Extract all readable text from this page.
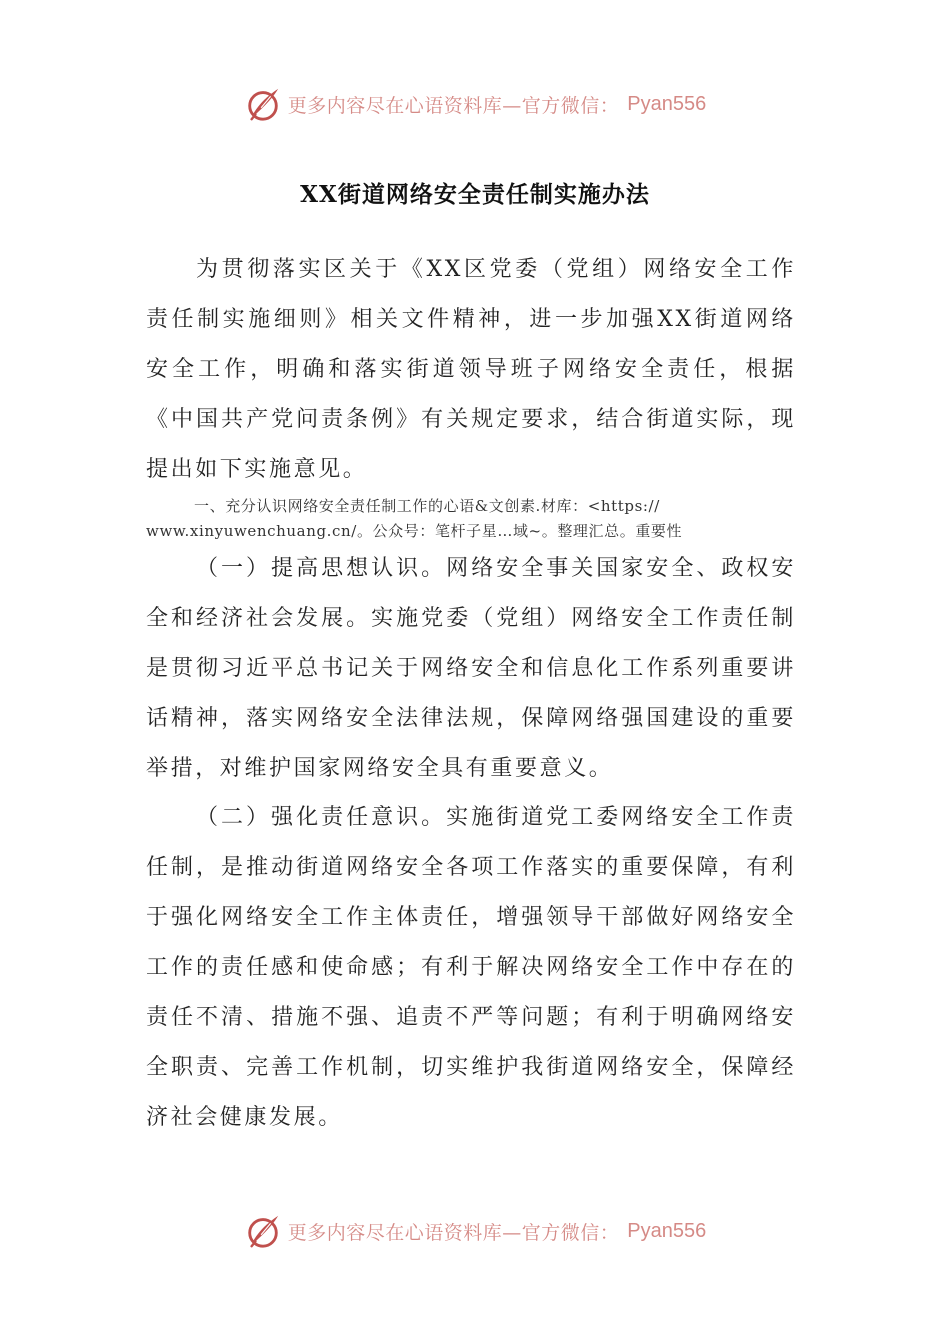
更多内容尽在心语资料库—官方微信： Pyan556
XX街道网络安全责任制实施办法

为贯彻落实区关于《XX区党委（党组）网络安全工作责任制实施细则》相关文件精神，进一步加强XX街道网络安全工作，明确和落实街道领导班子网络安全责任，根据《中国共产党问责条例》有关规定要求，结合街道实际，现提出如下实施意见。

一、充分认识网络安全责任制工作的心语&文创素.材库：<https://
www.xinyuwenchuang.cn/。公众号：笔杆子星…域~。整理汇总。重要性

（一）提高思想认识。网络安全事关国家安全、政权安全和经济社会发展。实施党委（党组）网络安全工作责任制是贯彻习近平总书记关于网络安全和信息化工作系列重要讲话精神，落实网络安全法律法规，保障网络强国建设的重要举措，对维护国家网络安全具有重要意义。

（二）强化责任意识。实施街道党工委网络安全工作责任制，是推动街道网络安全各项工作落实的重要保障，有利于强化网络安全工作主体责任，增强领导干部做好网络安全工作的责任感和使命感；有利于解决网络安全工作中存在的责任不清、措施不强、追责不严等问题；有利于明确网络安全职责、完善工作机制，切实维护我街道网络安全，保障经济社会健康发展。

更多内容尽在心语资料库—官方微信： Pyan556
